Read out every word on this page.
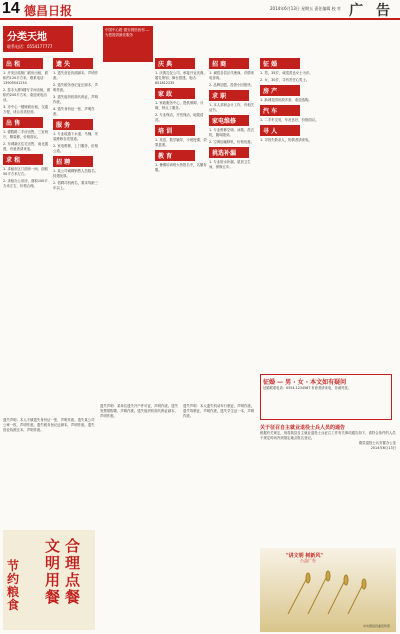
14 德昌日报	2014年6月13日 星期五 责任编辑 校 对 广 告
分类天地
联系电话：0554177777
中国中心路 德安餐馆西邻 — 为您提供最佳服务
出 租
1. 开发区临街门面房出租，面积约120平方米，联系电话：13905541234
2. 泰丰大厦3楼写字间出租，面积约200平方米，欢迎来电洽谈。
3. 市中心一楼铺面出租，交通方便，适合各类经营。
出 售
1. 德胜路二手房出售，三室两厅，精装修，价格面议。
2. 东城新区住宅出售，南北通透，有意者请来电。
求 租
1. 求租市区门面房一间，面积50平方米左右。
2. 求租办公用房，面积100平方米左右，价格合理。
遗 失
1. 遗失营业执照副本，声明作废。
2. 遗失税务登记证正副本，声明作废。
3. 遗失组织机构代码证，声明作废。
4. 遗失身份证一张，声明作废。
服 务
1. 专业疏通下水道、马桶，安装维修各类管道。
2. 家电维修，上门服务，价格公道。
招 聘
1. 某公司诚聘销售人员数名，待遇优厚。
2. 招聘司机两名，要求驾龄三年以上。
庆 典
1. 庆典礼仪公司，承接开业庆典、婚礼策划、舞台搭建。电话：651812235
家 政
1. 家政服务中心，提供保姆、月嫂、钟点工服务。
2. 专业保洁，开荒保洁，地毯清洗。
培 训
1. 英语、数学辅导，小班授课，效果显著。
教 育
1. 暑期培训班火热报名中，名额有限。
招 商
1. 诚招各县区代理商，详情来电咨询。
2. 品牌加盟，投资小回报快。
求 职
1. 本人求职会计工作，有相关证书。
家电维修
1. 专业维修空调、冰箱、洗衣机，随叫随到。
2. 空调加氟移机，价格优惠。
挑选补漏
1. 专业防水补漏，屋顶卫生间，保修五年。
征 婚
1. 男，35岁，诚觅善良女士为伴。
2. 女，30岁，寻有责任心男士。
房 产
1. 新城花园房源多套，欢迎选购。
汽 车
1. 二手车交易，车况良好，价格面议。
寻 人
1. 寻找失散亲人，知情者请来电。
征婚 — 男 · 女 · 本文如有疑问
征婚联系电话：0554-1234567 有意者请来电，非诚勿扰。
遗失声明：本人不慎遗失身份证一张，声明作废。遗失某公司公章一枚，声明作废。遗失税务登记证副本，声明作废。遗失营业执照正本，声明作废。
遗失声明：某单位遗失开户许可证，声明作废。遗失发票领购簿，声明作废。遗失组织机构代码证副本，声明作废。
遗失声明：本人遗失机动车行驶证，声明作废。遗失驾驶证，声明作废。遗失学生证一本，声明作废。
关于征召自主就业退役士兵人员的通告
根据有关规定，现将我县自主就业退役士兵征召工作有关事项通告如下，请符合条件的人员于规定时间内到指定地点报名登记。
德县退役士兵安置办公室
2014年6月13日
节约粮食
文明用餐
合理点餐
"讲文明 树新风"
公益广告
中共德昌县委宣传部
